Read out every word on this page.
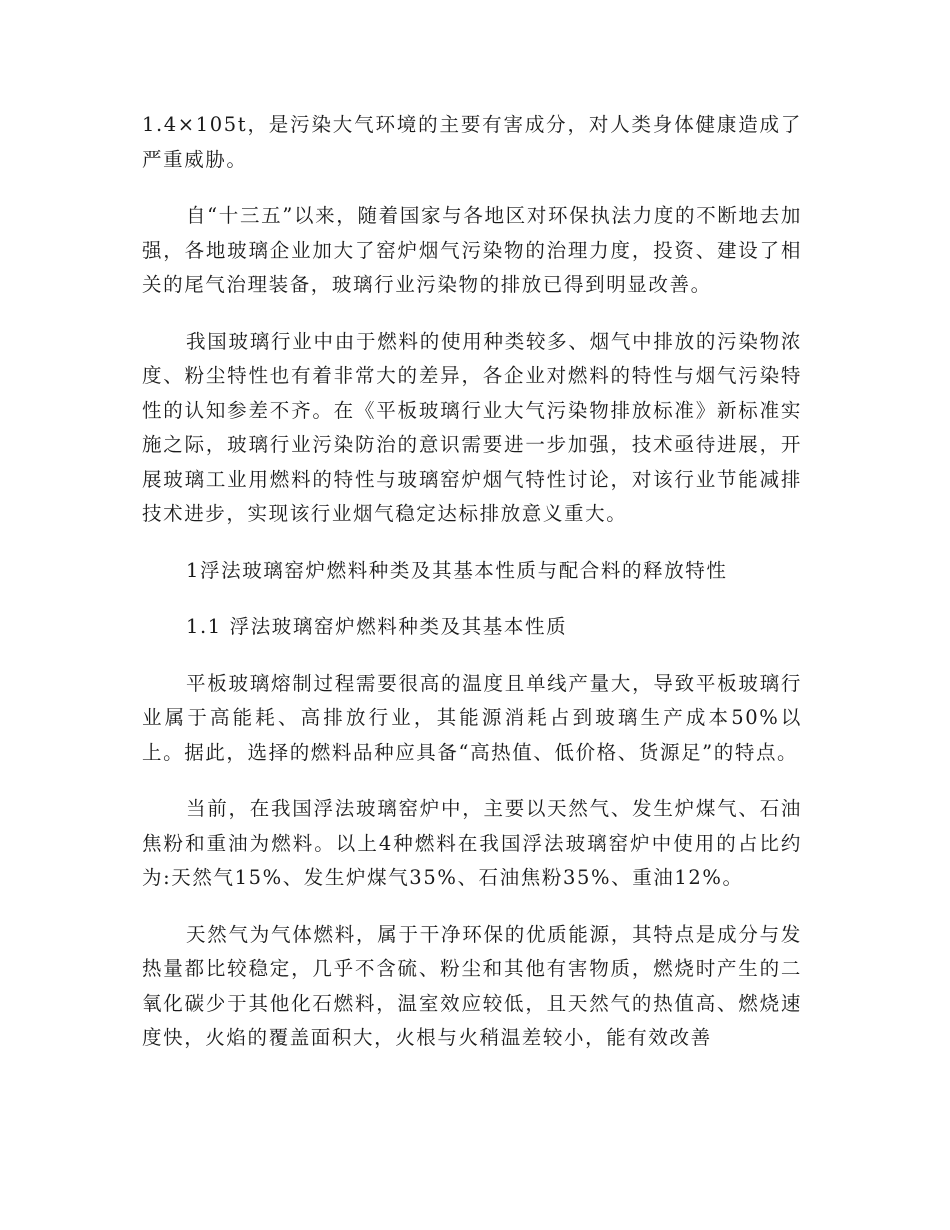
1.4×105t，是污染大气环境的主要有害成分，对人类身体健康造成了严重威胁。

自“十三五”以来，随着国家与各地区对环保执法力度的不断地去加强，各地玻璃企业加大了窑炉烟气污染物的治理力度，投资、建设了相关的尾气治理装备，玻璃行业污染物的排放已得到明显改善。

我国玻璃行业中由于燃料的使用种类较多、烟气中排放的污染物浓度、粉尘特性也有着非常大的差异，各企业对燃料的特性与烟气污染特性的认知参差不齐。在《平板玻璃行业大气污染物排放标准》新标准实施之际，玻璃行业污染防治的意识需要进一步加强，技术亟待进展，开展玻璃工业用燃料的特性与玻璃窑炉烟气特性讨论，对该行业节能减排技术进步，实现该行业烟气稳定达标排放意义重大。

1浮法玻璃窑炉燃料种类及其基本性质与配合料的释放特性

1.1 浮法玻璃窑炉燃料种类及其基本性质

平板玻璃熔制过程需要很高的温度且单线产量大，导致平板玻璃行业属于高能耗、高排放行业，其能源消耗占到玻璃生产成本50%以上。据此，选择的燃料品种应具备“高热值、低价格、货源足”的特点。

当前，在我国浮法玻璃窑炉中，主要以天然气、发生炉煤气、石油焦粉和重油为燃料。以上4种燃料在我国浮法玻璃窑炉中使用的占比约为:天然气15%、发生炉煤气35%、石油焦粉35%、重油12%。

天然气为气体燃料，属于干净环保的优质能源，其特点是成分与发热量都比较稳定，几乎不含硫、粉尘和其他有害物质，燃烧时产生的二氧化碳少于其他化石燃料，温室效应较低，且天然气的热值高、燃烧速度快，火焰的覆盖面积大，火根与火稍温差较小，能有效改善
